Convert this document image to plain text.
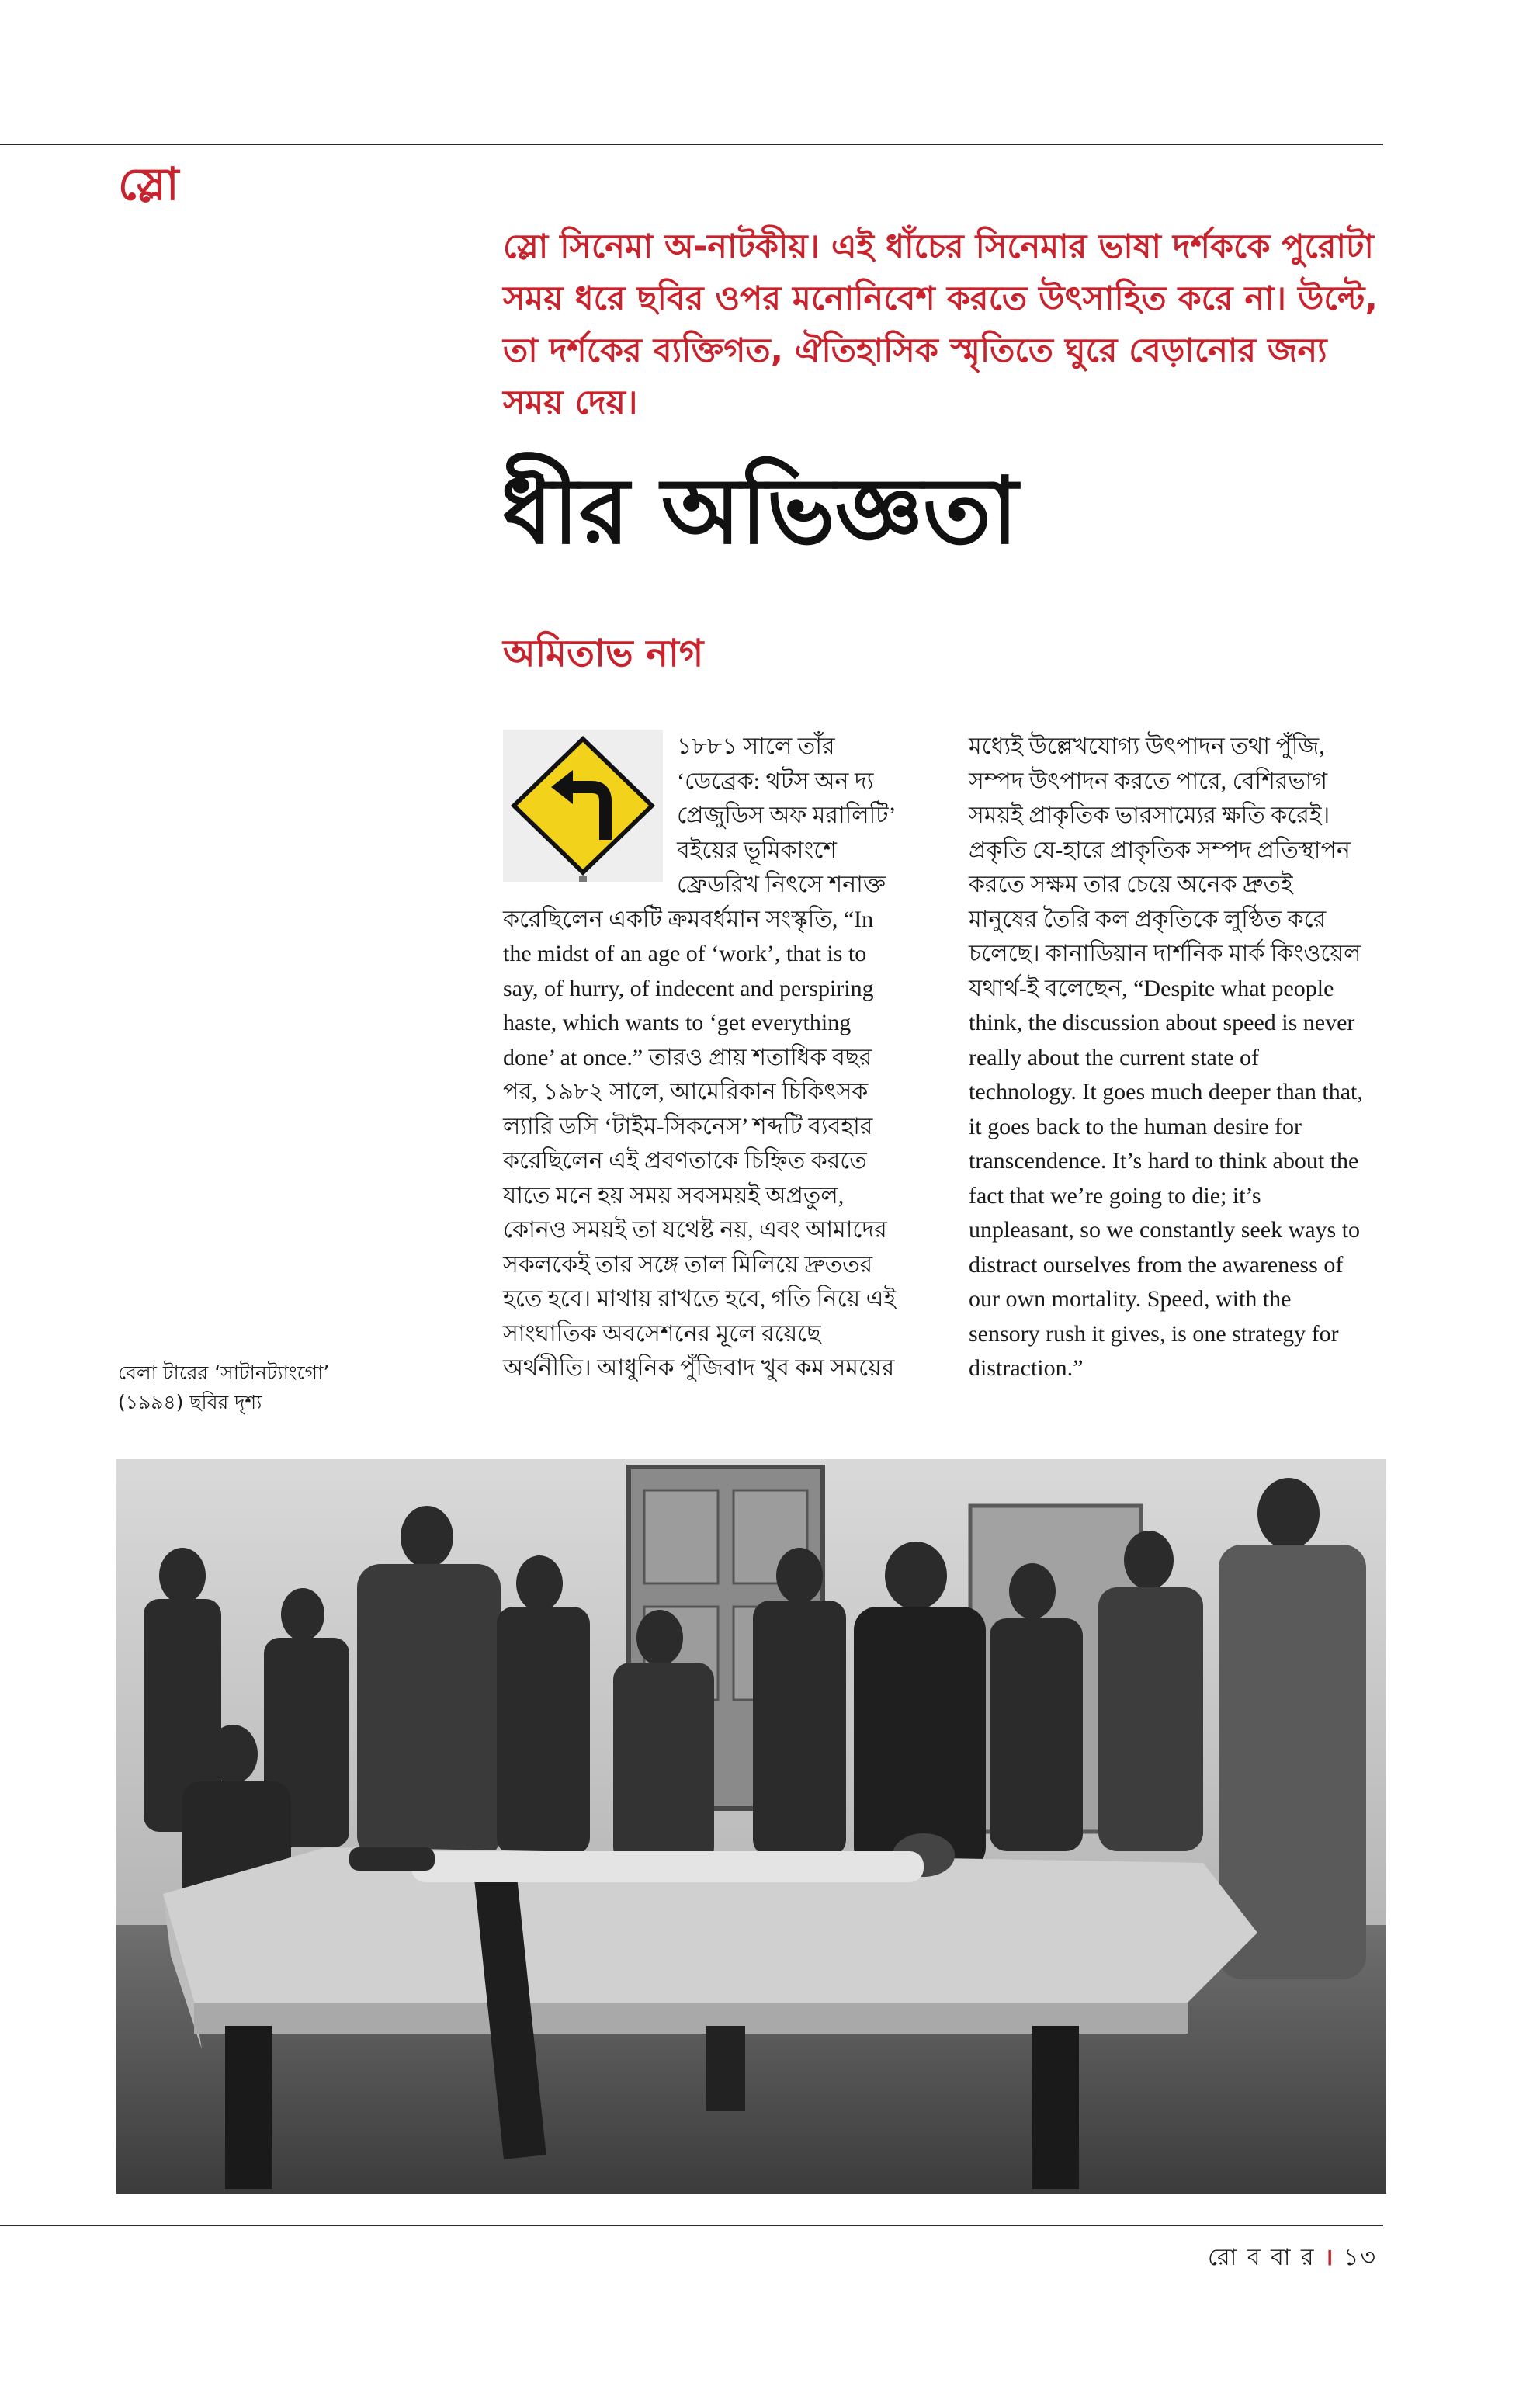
স্লো

স্লো সিনেমা অ-নাটকীয়। এই ধাঁচের সিনেমার ভাষা দর্শককে পুরোটা সময় ধরে ছবির ওপর মনোনিবেশ করতে উৎসাহিত করে না। উল্টে, তা দর্শকের ব্যক্তিগত, ঐতিহাসিক স্মৃতিতে ঘুরে বেড়ানোর জন্য সময় দেয়।

ধীর অভিজ্ঞতা
অমিতাভ নাগ
১৮৮১ সালে তাঁর ‘ডেব্রেক: থটস অন দ্য প্রেজুডিস অফ মরালিটি’ বইয়ের ভূমিকাংশে ফ্রেডরিখ নিৎসে শনাক্ত করেছিলেন একটি ক্রমবর্ধমান সংস্কৃতি, “In the midst of an age of ‘work’, that is to say, of hurry, of indecent and perspiring haste, which wants to ‘get everything done’ at once.” তারও প্রায় শতাধিক বছর পর, ১৯৮২ সালে, আমেরিকান চিকিৎসক ল্যারি ডসি ‘টাইম-সিকনেস’ শব্দটি ব্যবহার করেছিলেন এই প্রবণতাকে চিহ্নিত করতে যাতে মনে হয় সময় সবসময়ই অপ্রতুল, কোনও সময়ই তা যথেষ্ট নয়, এবং আমাদের সকলকেই তার সঙ্গে তাল মিলিয়ে দ্রুততর হতে হবে। মাথায় রাখতে হবে, গতি নিয়ে এই সাংঘাতিক অবসেশনের মূলে রয়েছে অর্থনীতি। আধুনিক পুঁজিবাদ খুব কম সময়ের
মধ্যেই উল্লেখযোগ্য উৎপাদন তথা পুঁজি, সম্পদ উৎপাদন করতে পারে, বেশিরভাগ সময়ই প্রাকৃতিক ভারসাম্যের ক্ষতি করেই। প্রকৃতি যে-হারে প্রাকৃতিক সম্পদ প্রতিস্থাপন করতে সক্ষম তার চেয়ে অনেক দ্রুতই মানুষের তৈরি কল প্রকৃতিকে লুণ্ঠিত করে চলেছে। কানাডিয়ান দার্শনিক মার্ক কিংওয়েল যথার্থ-ই বলেছেন, “Despite what people think, the discussion about speed is never really about the current state of technology. It goes much deeper than that, it goes back to the human desire for transcendence. It’s hard to think about the fact that we’re going to die; it’s unpleasant, so we constantly seek ways to distract ourselves from the awareness of our own mortality. Speed, with the sensory rush it gives, is one strategy for distraction.”

বেলা টারের ‘সাটানট্যাংগো’
(১৯৯৪) ছবির দৃশ্য

রো ব বা র । ১৩
